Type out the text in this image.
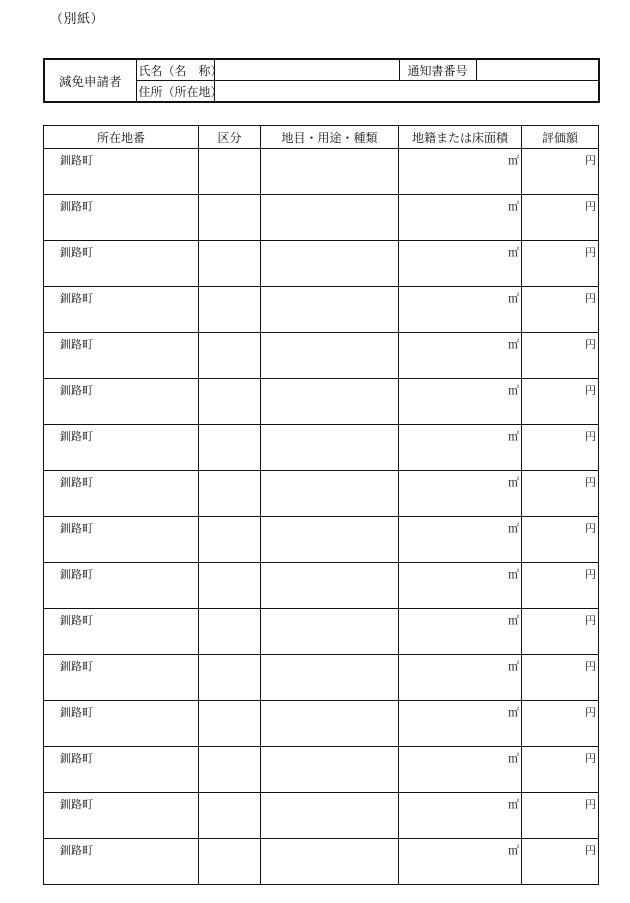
（別紙）
減免申請者	氏名（名　称）		通知書番号	
	住所（所在地）			
所在地番	区分	地目・用途・種類	地籍または床面積	評価額
釧路町			㎡	円
釧路町			㎡	円
釧路町			㎡	円
釧路町			㎡	円
釧路町			㎡	円
釧路町			㎡	円
釧路町			㎡	円
釧路町			㎡	円
釧路町			㎡	円
釧路町			㎡	円
釧路町			㎡	円
釧路町			㎡	円
釧路町			㎡	円
釧路町			㎡	円
釧路町			㎡	円
釧路町			㎡	円
